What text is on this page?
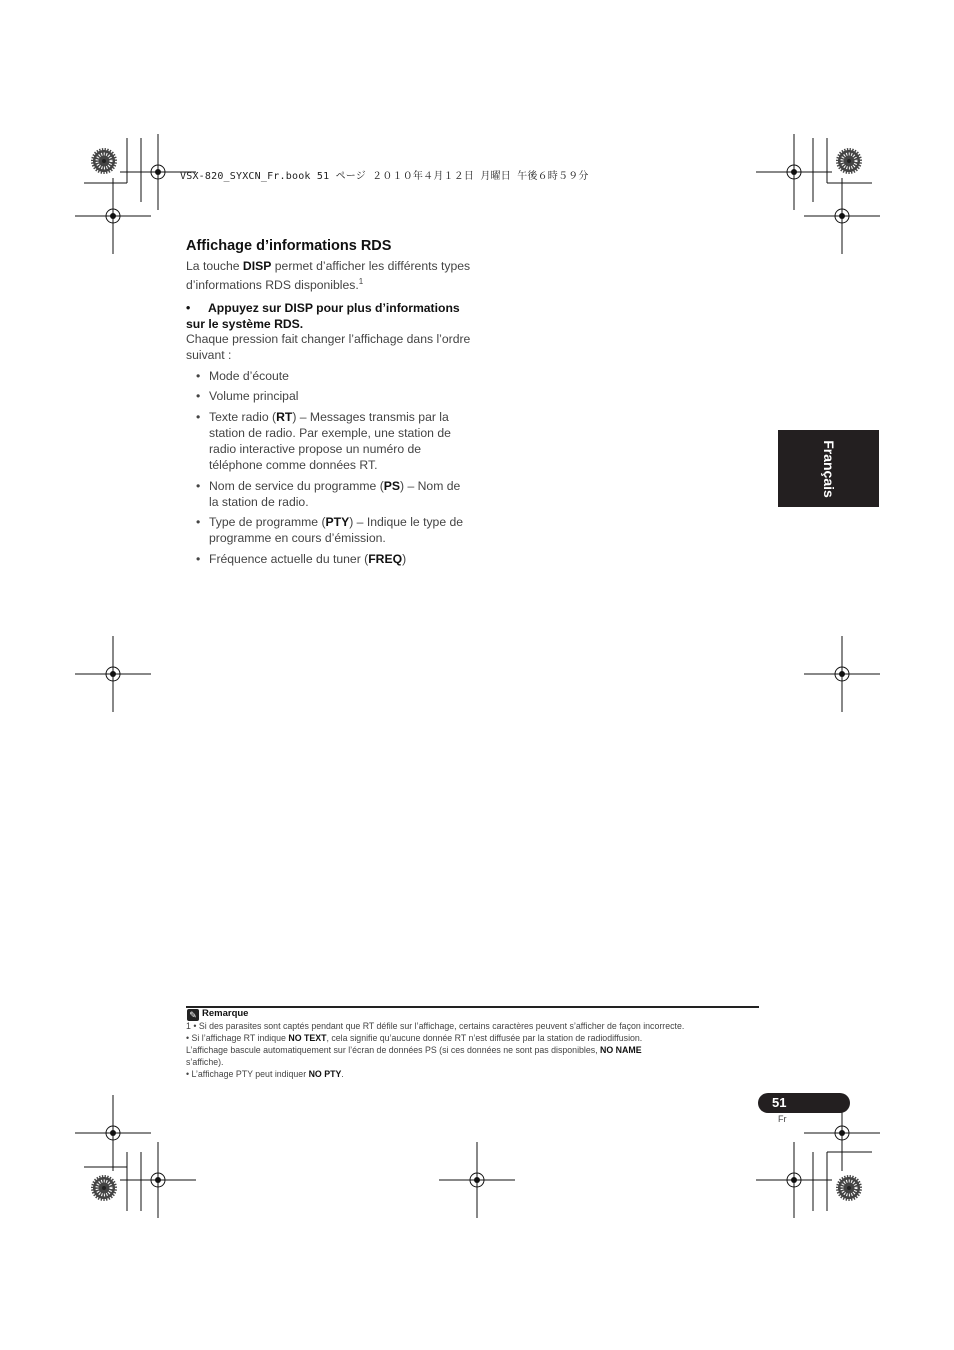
VSX-820_SYXCN_Fr.book 51 ページ ２０１０年４月１２日 月曜日 午後６時５９分
Affichage d’informations RDS
La touche DISP permet d’afficher les différents types d’informations RDS disponibles.$^1$
• Appuyez sur DISP pour plus d’informations sur le système RDS.
Chaque pression fait changer l’affichage dans l’ordre suivant :
• Mode d’écoute
• Volume principal
• Texte radio (RT) – Messages transmis par la station de radio. Par exemple, une station de radio interactive propose un numéro de téléphone comme données RT.
• Nom de service du programme (PS) – Nom de la station de radio.
• Type de programme (PTY) – Indique le type de programme en cours d’émission.
• Fréquence actuelle du tuner (FREQ)
Français
✎ Remarque
1 • Si des parasites sont captés pendant que RT défile sur l’affichage, certains caractères peuvent s’afficher de façon incorrecte.
• Si l’affichage RT indique NO TEXT, cela signifie qu’aucune donnée RT n’est diffusée par la station de radiodiffusion.
L’affichage bascule automatiquement sur l’écran de données PS (si ces données ne sont pas disponibles, NO NAME
s’affiche).
• L’affichage PTY peut indiquer NO PTY.
51
Fr
